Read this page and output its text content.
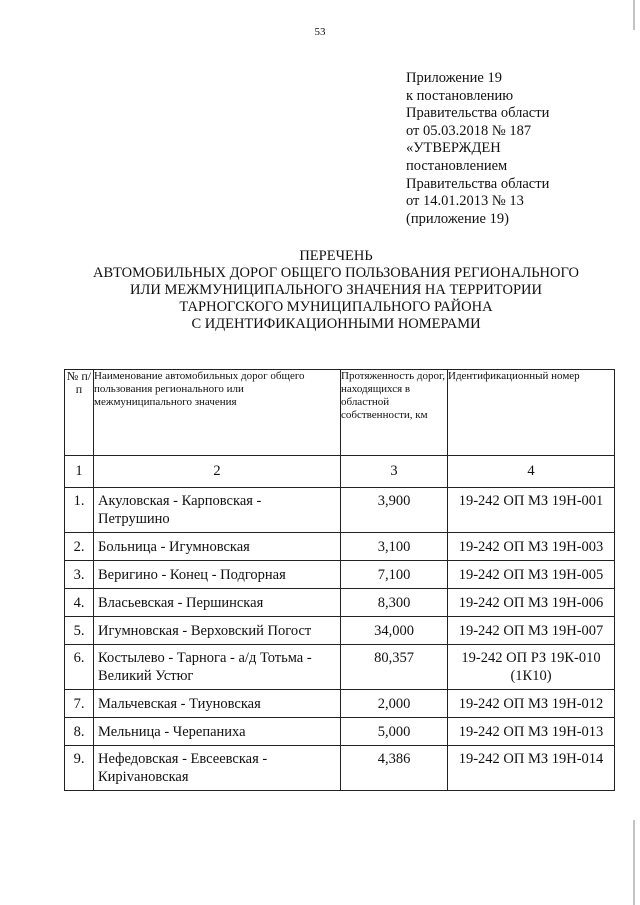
53
Приложение 19
к постановлению
Правительства области
от 05.03.2018 № 187
«УТВЕРЖДЕН
постановлением
Правительства области
от 14.01.2013 № 13
(приложение 19)
ПЕРЕЧЕНЬ
АВТОМОБИЛЬНЫХ ДОРОГ ОБЩЕГО ПОЛЬЗОВАНИЯ РЕГИОНАЛЬНОГО
ИЛИ МЕЖМУНИЦИПАЛЬНОГО ЗНАЧЕНИЯ НА ТЕРРИТОРИИ
ТАРНОГСКОГО МУНИЦИПАЛЬНОГО РАЙОНА
С ИДЕНТИФИКАЦИОННЫМИ НОМЕРАМИ
№ п/п	Наименование автомобильных дорог общего пользования регионального или межмуниципального значения	Протяженность дорог, находящихся в областной собственности, км	Идентификационный номер
1	2	3	4
1.	Акуловская - Карповская - Петрушино	3,900	19-242 ОП МЗ 19Н-001
2.	Больница - Игумновская	3,100	19-242 ОП МЗ 19Н-003
3.	Веригино - Конец - Подгорная	7,100	19-242 ОП МЗ 19Н-005
4.	Власьевская - Першинская	8,300	19-242 ОП МЗ 19Н-006
5.	Игумновская - Верховский Погост	34,000	19-242 ОП МЗ 19Н-007
6.	Костылево - Тарнога - а/д Тотьма - Великий Устюг	80,357	19-242 ОП РЗ 19К-010 (1К10)
7.	Мальчевская - Тиуновская	2,000	19-242 ОП МЗ 19Н-012
8.	Мельница - Черепаниха	5,000	19-242 ОП МЗ 19Н-013
9.	Нефедовская - Евсеевская - Кирivановская	4,386	19-242 ОП МЗ 19Н-014
